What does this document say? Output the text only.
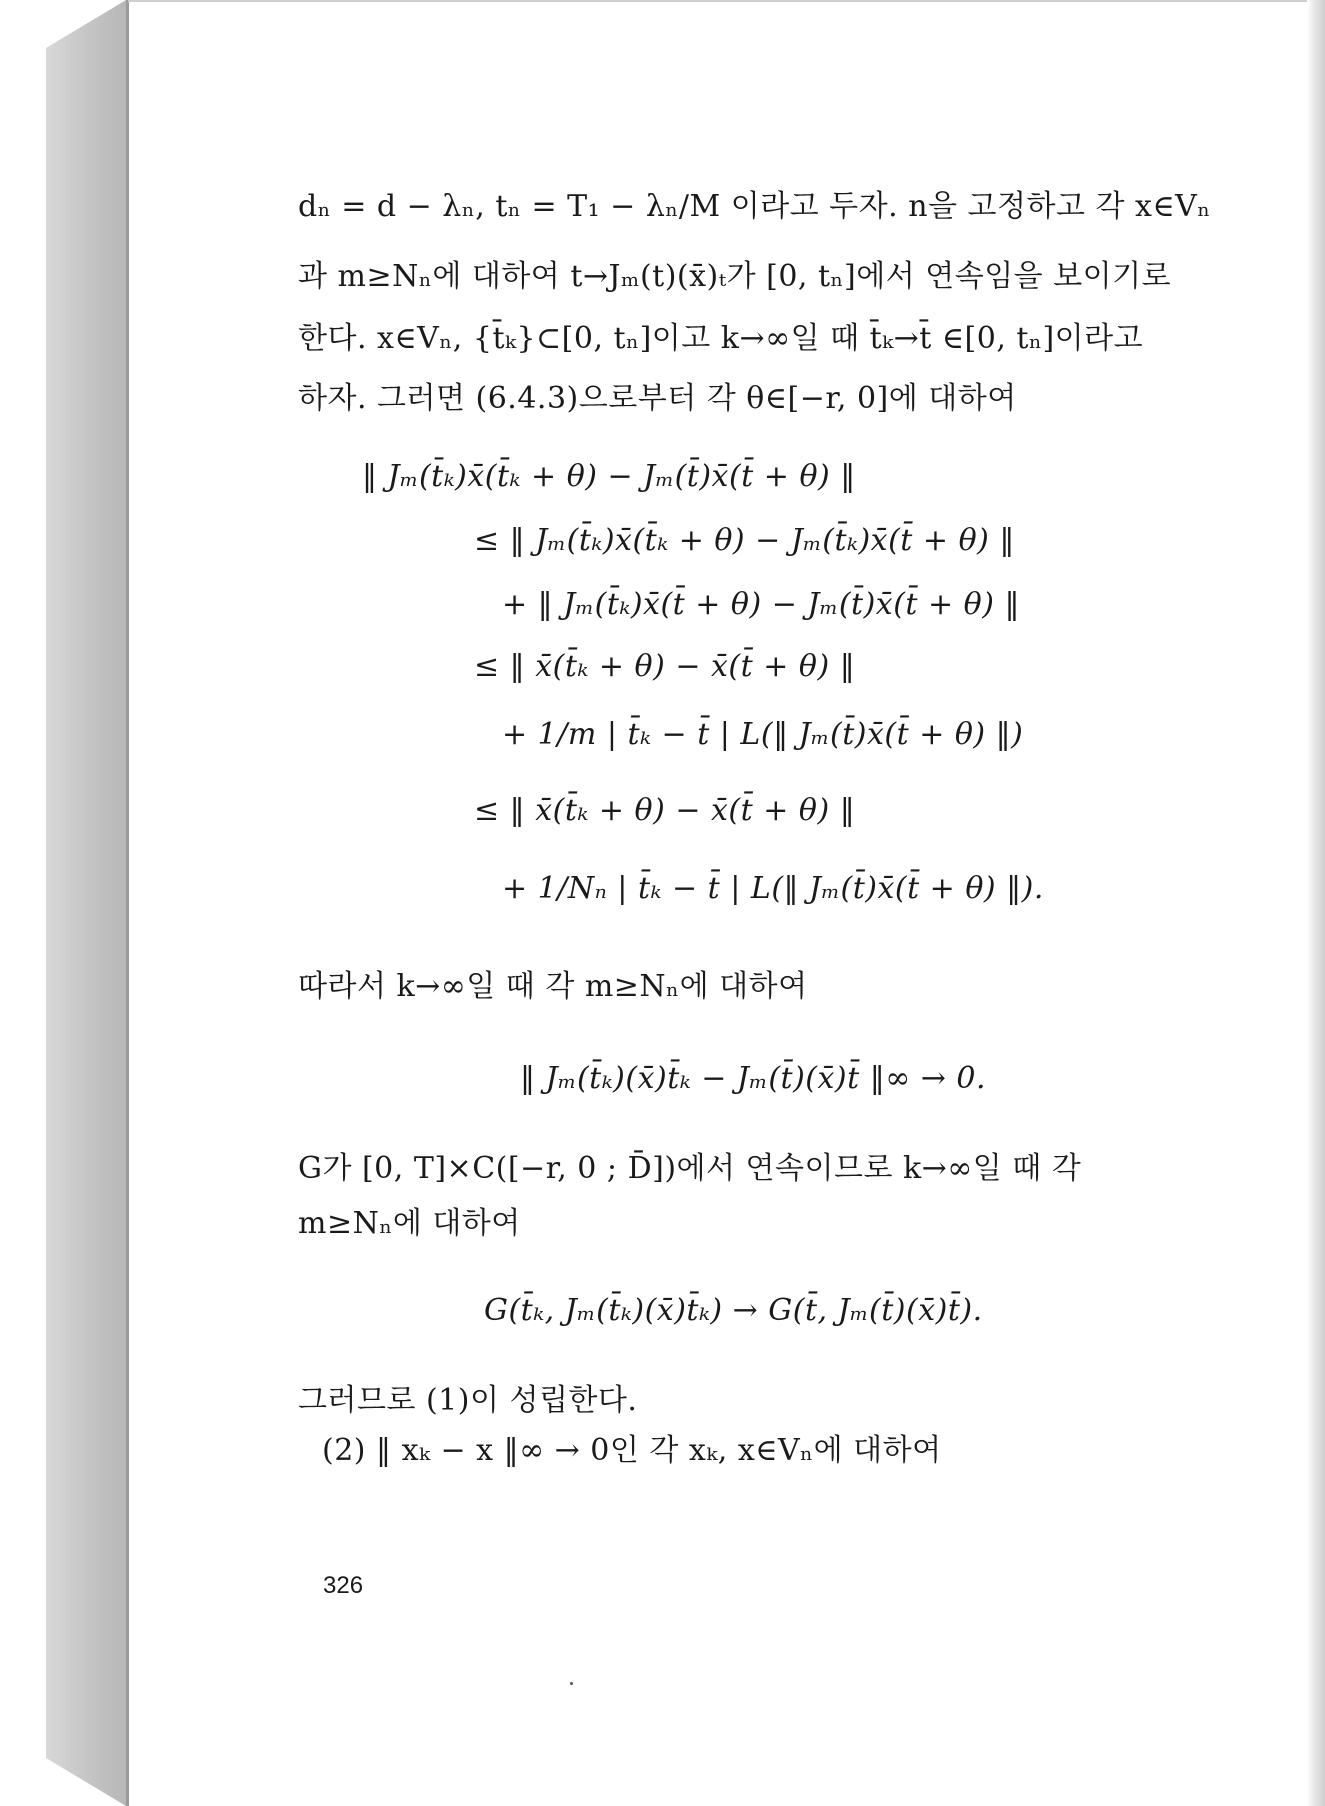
dₙ = d − λₙ, tₙ = T₁ − λₙ/M 이라고 두자. n을 고정하고 각 x∈Vₙ
과 m≥Nₙ에 대하여 t→Jₘ(t)(x̄)ₜ가 [0, tₙ]에서 연속임을 보이기로
한다. x∈Vₙ, {t̄ₖ}⊂[0, tₙ]이고 k→∞일 때 t̄ₖ→t̄ ∈[0, tₙ]이라고
하자. 그러면 (6.4.3)으로부터 각 θ∈[−r, 0]에 대하여
‖ Jₘ(t̄ₖ)x̄(t̄ₖ + θ) − Jₘ(t̄)x̄(t̄ + θ) ‖
≤ ‖ Jₘ(t̄ₖ)x̄(t̄ₖ + θ) − Jₘ(t̄ₖ)x̄(t̄ + θ) ‖
+ ‖ Jₘ(t̄ₖ)x̄(t̄ + θ) − Jₘ(t̄)x̄(t̄ + θ) ‖
≤ ‖ x̄(t̄ₖ + θ) − x̄(t̄ + θ) ‖
+ 1/m | t̄ₖ − t̄ | L(‖ Jₘ(t̄)x̄(t̄ + θ) ‖)
≤ ‖ x̄(t̄ₖ + θ) − x̄(t̄ + θ) ‖
+ 1/Nₙ | t̄ₖ − t̄ | L(‖ Jₘ(t̄)x̄(t̄ + θ) ‖).
따라서 k→∞일 때 각 m≥Nₙ에 대하여
‖ Jₘ(t̄ₖ)(x̄)t̄ₖ − Jₘ(t̄)(x̄)t̄ ‖∞ → 0.
G가 [0, T]×C([−r, 0 ; D̄])에서 연속이므로 k→∞일 때 각
m≥Nₙ에 대하여
G(t̄ₖ, Jₘ(t̄ₖ)(x̄)t̄ₖ) → G(t̄, Jₘ(t̄)(x̄)t̄).
그러므로 (1)이 성립한다.
(2) ‖ xₖ − x ‖∞ → 0인 각 xₖ, x∈Vₙ에 대하여
326
